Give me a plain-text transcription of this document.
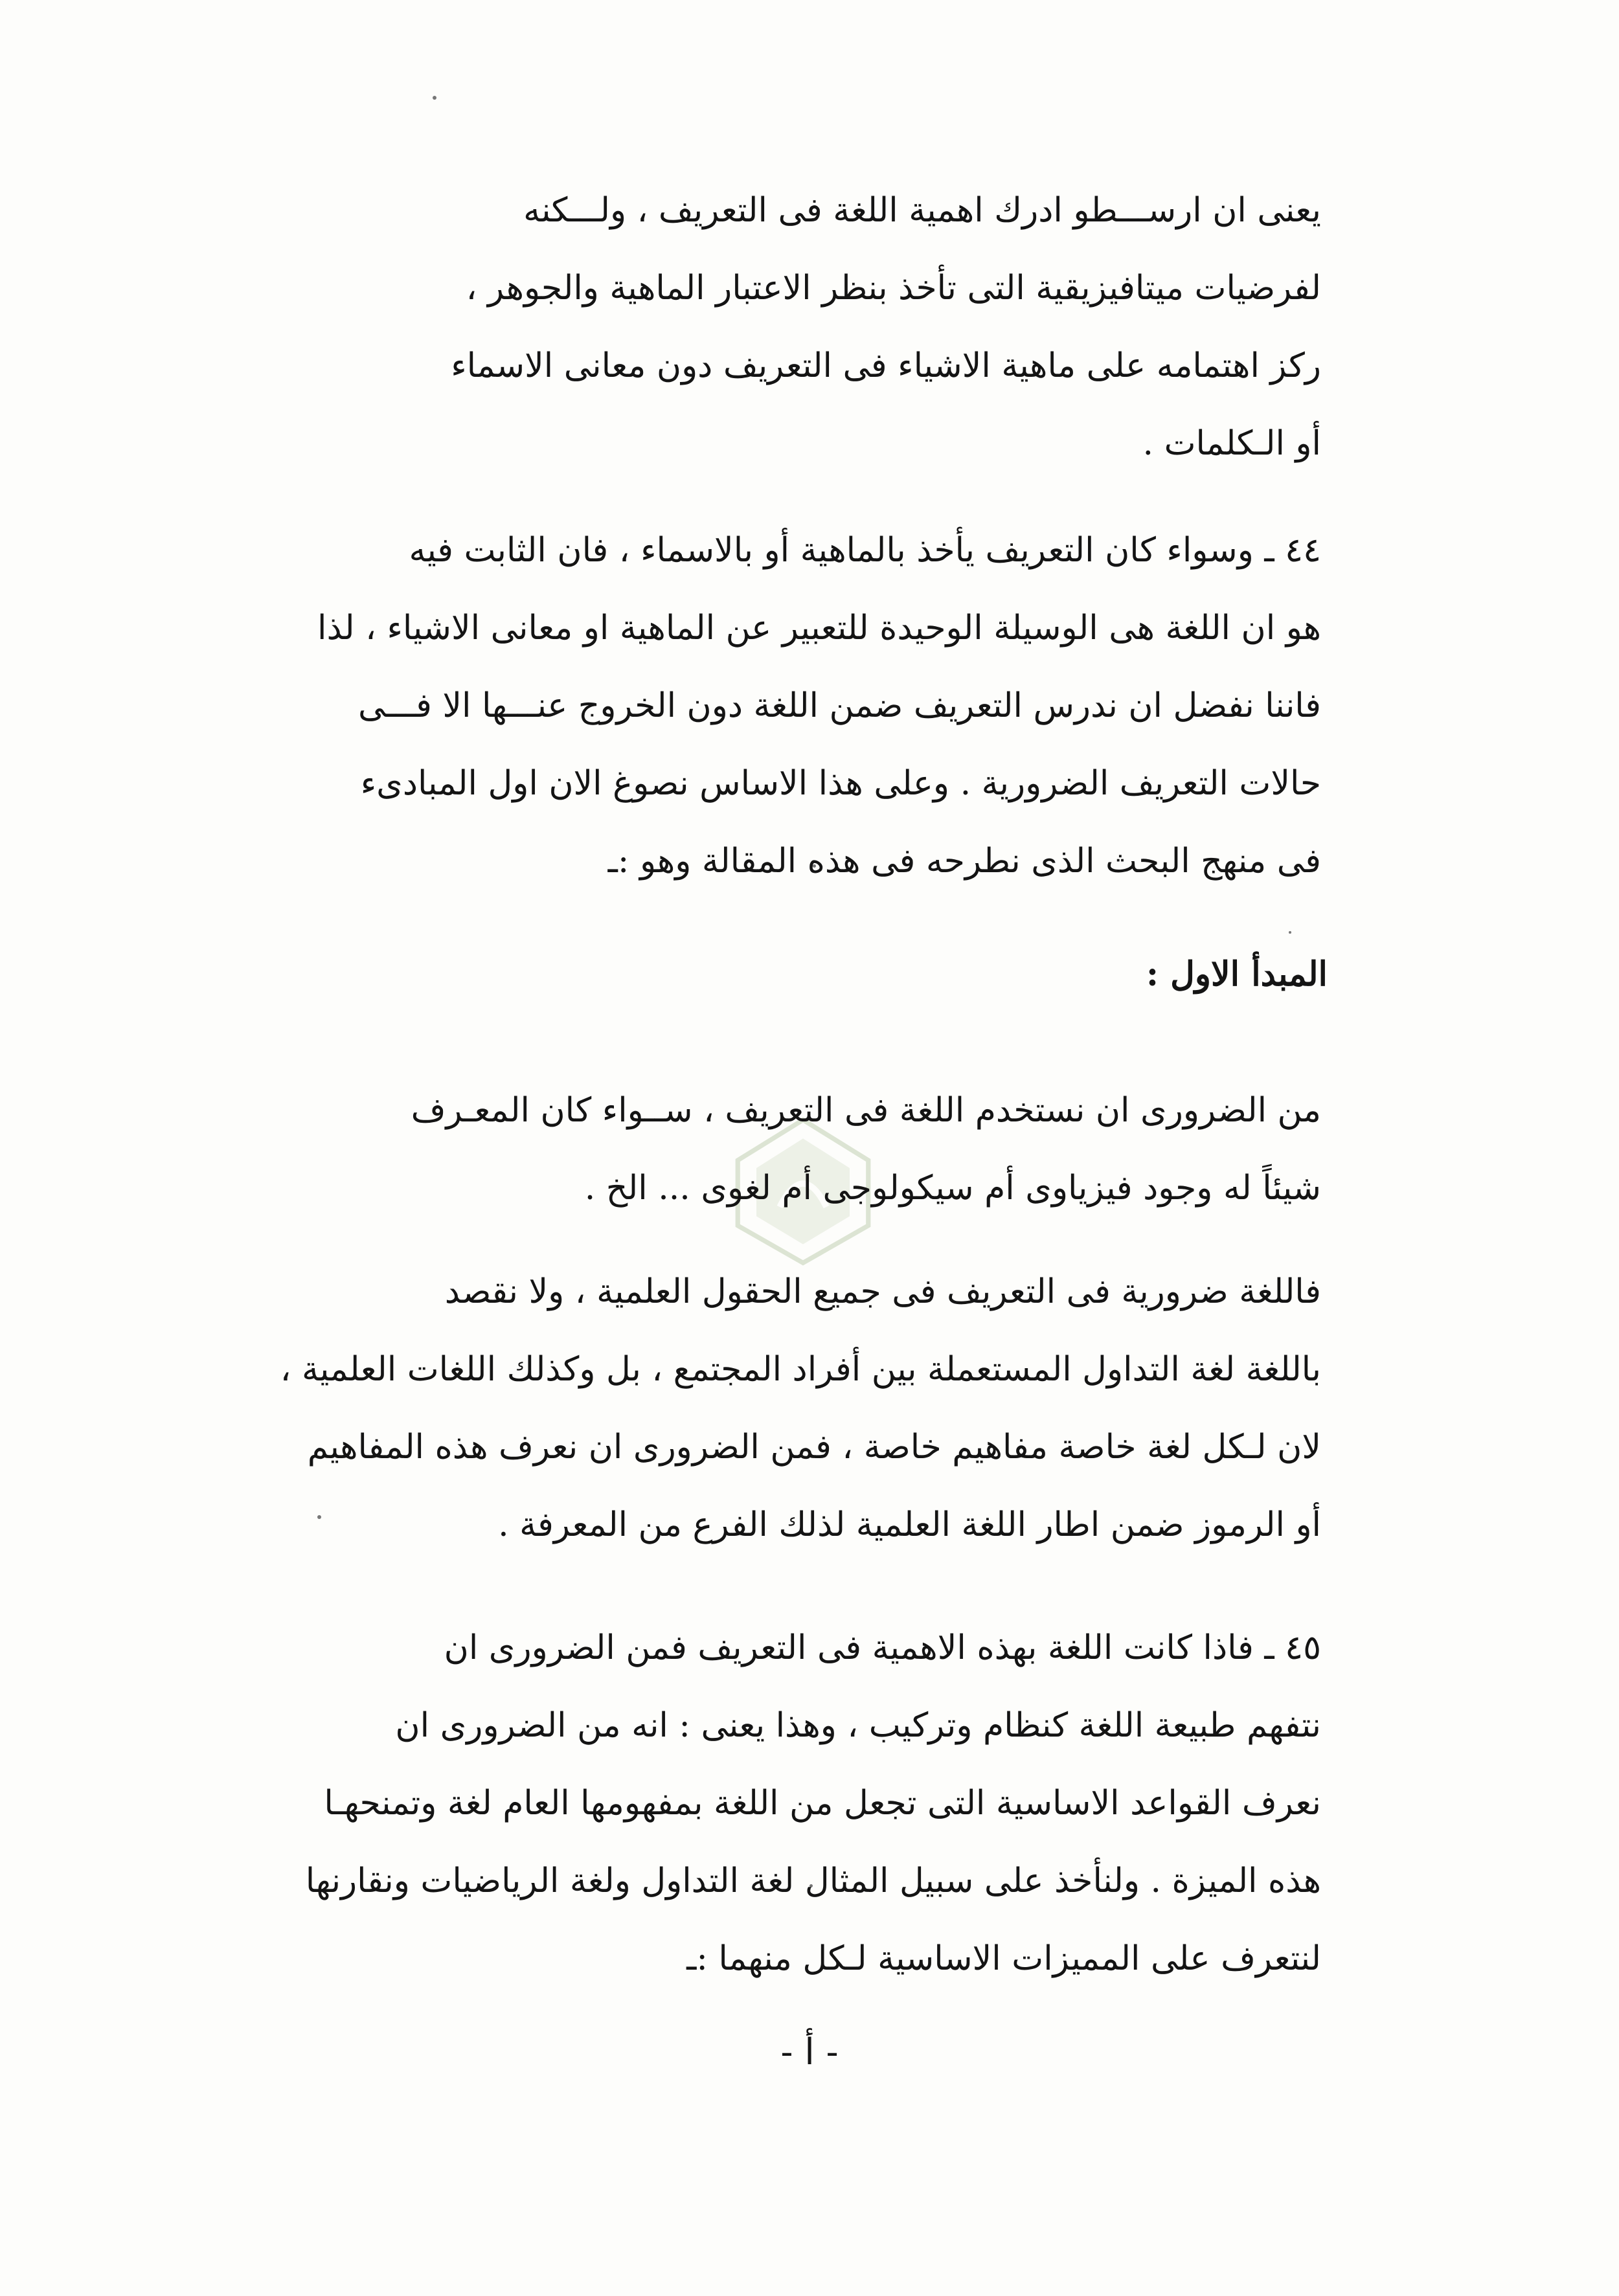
يعنى ان ارســـطو ادرك اهمية اللغة فى التعريف ، ولـــكنه
لفرضيات ميتافيزيقية التى تأخذ بنظر الاعتبار الماهية والجوهر ،
ركز اهتمامه على ماهية الاشياء فى التعريف دون معانى الاسماء
أو الـكلمات .
٤٤ ـ وسواء كان التعريف يأخذ بالماهية أو بالاسماء ، فان الثابت فيه
هو ان اللغة هى الوسيلة الوحيدة للتعبير عن الماهية او معانى الاشياء ، لذا
فاننا نفضل ان ندرس التعريف ضمن اللغة دون الخروج عنـــها الا فـــى
حالات التعريف الضرورية . وعلى هذا الاساس نصوغ الان اول المبادىء
فى منهج البحث الذى نطرحه فى هذه المقالة وهو :ـ
المبدأ الاول :
من الضرورى ان نستخدم اللغة فى التعريف ، ســواء كان المعـرف
شيئاً له وجود فيزياوى أم سيكولوجى أم لغوى ... الخ .
فاللغة ضرورية فى التعريف فى جميع الحقول العلمية ، ولا نقصد
باللغة لغة التداول المستعملة بين أفراد المجتمع ، بل وكذلك اللغات العلمية ،
لان لـكل لغة خاصة مفاهيم خاصة ، فمن الضرورى ان نعرف هذه المفاهيم
أو الرموز ضمن اطار اللغة العلمية لذلك الفرع من المعرفة .
٤٥ ـ فاذا كانت اللغة بهذه الاهمية فى التعريف فمن الضرورى ان
نتفهم طبيعة اللغة كنظام وتركيب ، وهذا يعنى : انه من الضرورى ان
نعرف القواعد الاساسية التى تجعل من اللغة بمفهومها العام لغة وتمنحهـا
هذه الميزة . ولنأخذ على سبيل المثال لغة التداول ولغة الرياضيات ونقارنها
لنتعرف على المميزات الاساسية لـكل منهما :ـ
- أ -
